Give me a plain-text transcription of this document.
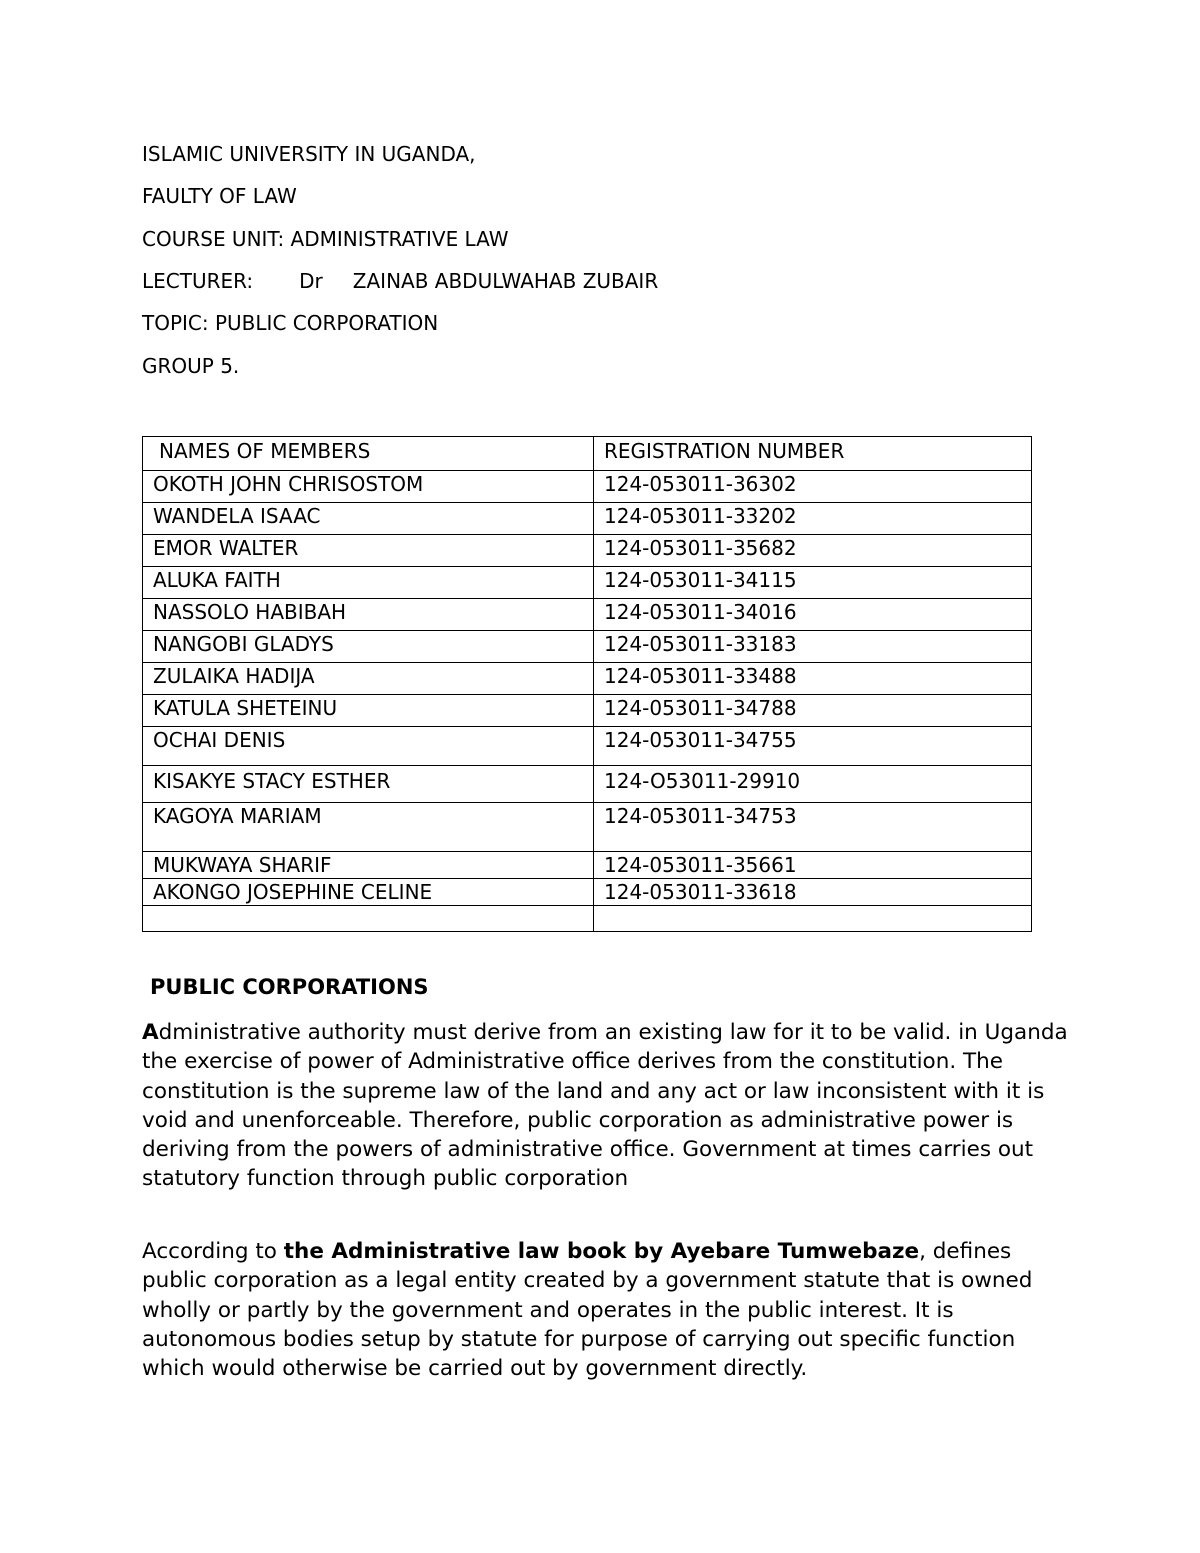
ISLAMIC UNIVERSITY IN UGANDA,
FAULTY OF LAW
COURSE UNIT: ADMINISTRATIVE LAW
LECTURER: Dr ZAINAB ABDULWAHAB ZUBAIR
TOPIC: PUBLIC CORPORATION
GROUP 5.
NAMES OF MEMBERS	REGISTRATION NUMBER
OKOTH JOHN CHRISOSTOM	124-053011-36302
WANDELA ISAAC	124-053011-33202
EMOR WALTER	124-053011-35682
ALUKA FAITH	124-053011-34115
NASSOLO HABIBAH	124-053011-34016
NANGOBI GLADYS	124-053011-33183
ZULAIKA HADIJA	124-053011-33488
KATULA SHETEINU	124-053011-34788
OCHAI DENIS	124-053011-34755
KISAKYE STACY ESTHER	124-O53011-29910
KAGOYA MARIAM	124-053011-34753
MUKWAYA SHARIF	124-053011-35661
AKONGO JOSEPHINE CELINE	124-053011-33618

PUBLIC CORPORATIONS

Administrative authority must derive from an existing law for it to be valid. in Uganda the exercise of power of Administrative office derives from the constitution. The constitution is the supreme law of the land and any act or law inconsistent with it is void and unenforceable. Therefore, public corporation as administrative power is deriving from the powers of administrative office. Government at times carries out statutory function through public corporation

According to the Administrative law book by Ayebare Tumwebaze, defines public corporation as a legal entity created by a government statute that is owned wholly or partly by the government and operates in the public interest. It is autonomous bodies setup by statute for purpose of carrying out specific function which would otherwise be carried out by government directly.
